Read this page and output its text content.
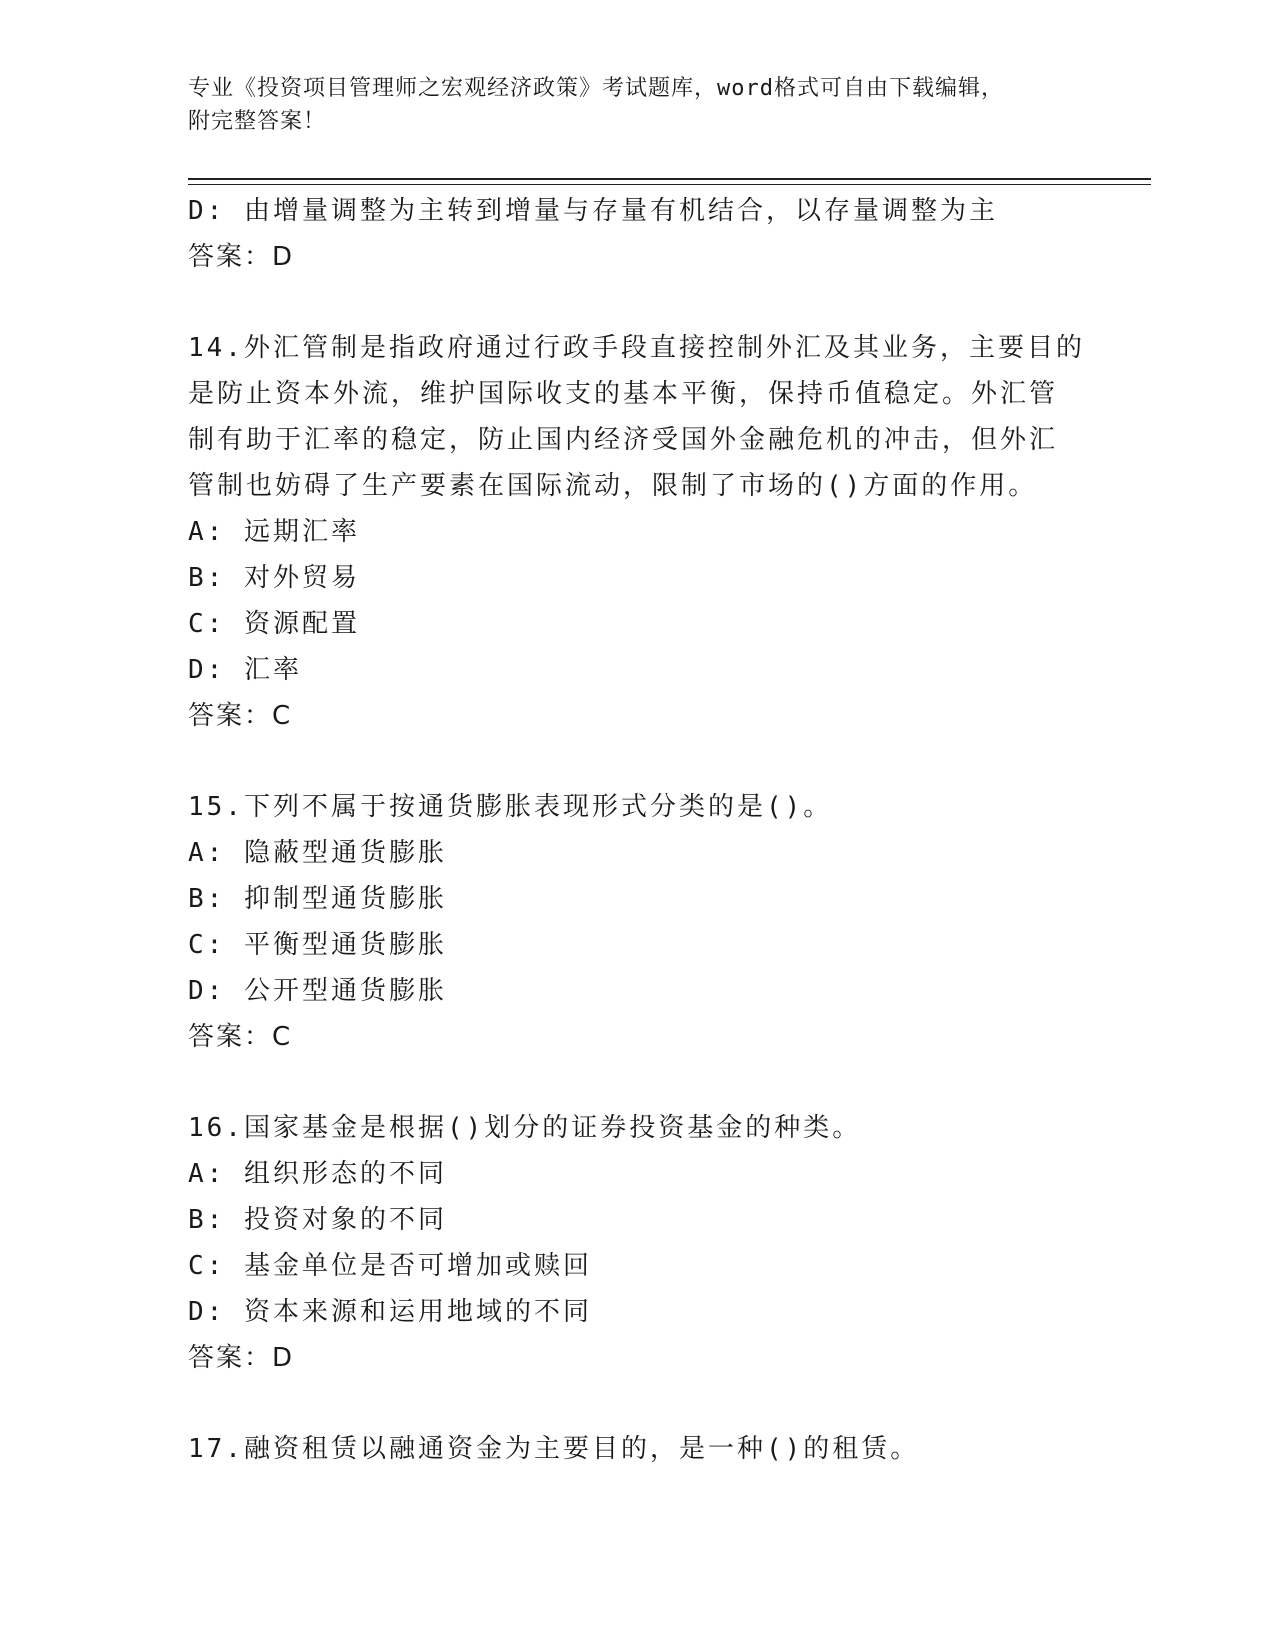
专业《投资项目管理师之宏观经济政策》考试题库，word格式可自由下载编辑，
附完整答案！
D: 由增量调整为主转到增量与存量有机结合，以存量调整为主
答案：D
14.外汇管制是指政府通过行政手段直接控制外汇及其业务，主要目的
是防止资本外流，维护国际收支的基本平衡，保持币值稳定。外汇管
制有助于汇率的稳定，防止国内经济受国外金融危机的冲击，但外汇
管制也妨碍了生产要素在国际流动，限制了市场的()方面的作用。
A: 远期汇率
B: 对外贸易
C: 资源配置
D: 汇率
答案：C
15.下列不属于按通货膨胀表现形式分类的是()。
A: 隐蔽型通货膨胀
B: 抑制型通货膨胀
C: 平衡型通货膨胀
D: 公开型通货膨胀
答案：C
16.国家基金是根据()划分的证券投资基金的种类。
A: 组织形态的不同
B: 投资对象的不同
C: 基金单位是否可增加或赎回
D: 资本来源和运用地域的不同
答案：D
17.融资租赁以融通资金为主要目的，是一种()的租赁。
